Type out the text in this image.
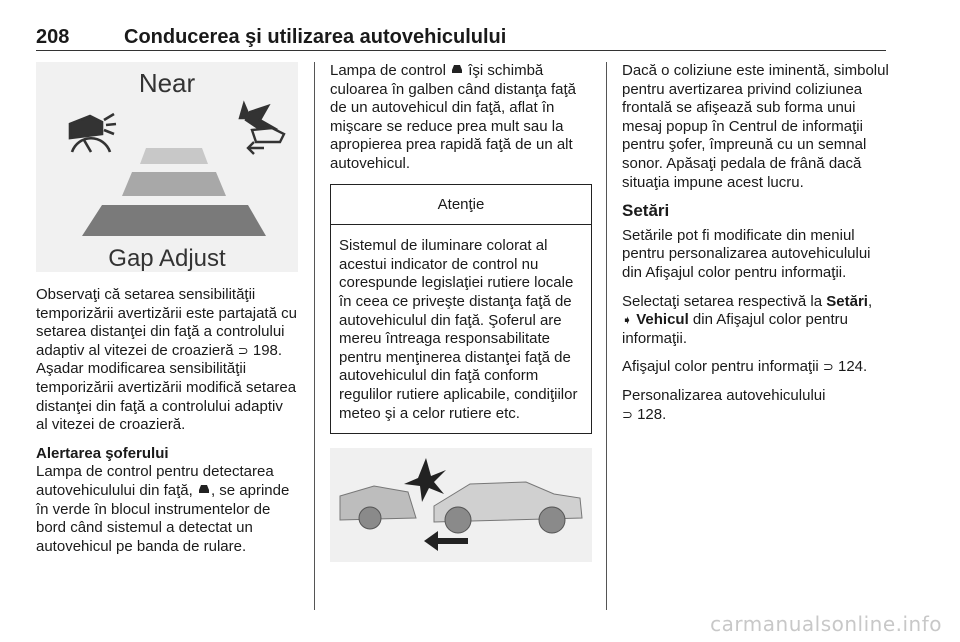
208	Conducerea şi utilizarea autovehiculului
Near
Gap Adjust

Observaţi că setarea sensibilităţii temporizării avertizării este partajată cu setarea distanţei din faţă a controlului adaptiv al vitezei de croazieră ⊃ 198. Aşadar modificarea sensibilităţii temporizării avertizării modifică setarea distanţei din faţă a controlului adaptiv al vitezei de croazieră.

Alertarea şoferului

Lampa de control pentru detectarea autovehiculului din faţă, , se aprinde în verde în blocul instrumentelor de bord când sistemul a detectat un autovehicul pe banda de rulare.

Lampa de control  îşi schimbă culoarea în galben când distanţa faţă de un autovehicul din faţă, aflat în mişcare se reduce prea mult sau la apropierea prea rapidă faţă de un alt autovehicul.

Atenţie
Sistemul de iluminare colorat al acestui indicator de control nu corespunde legislaţiei rutiere locale în ceea ce priveşte distanţa faţă de autovehiculul din faţă. Şoferul are mereu întreaga responsabilitate pentru menţinerea distanţei faţă de autovehiculul din faţă conform regulilor rutiere aplicabile, condiţiilor meteo şi a celor rutiere etc.

Dacă o coliziune este iminentă, simbolul pentru avertizarea privind coliziunea frontală se afişează sub forma unui mesaj popup în Centrul de informaţii pentru şofer, împreună cu un semnal sonor. Apăsaţi pedala de frână dacă situaţia impune acest lucru.

Setări

Setările pot fi modificate din meniul pentru personalizarea autovehiculului din Afişajul color pentru informaţii.

Selectaţi setarea respectivă la Setări,
➧ Vehicul din Afişajul color pentru informaţii.

Afişajul color pentru informaţii ⊃ 124.

Personalizarea autovehiculului
⊃ 128.

carmanualsonline.info
